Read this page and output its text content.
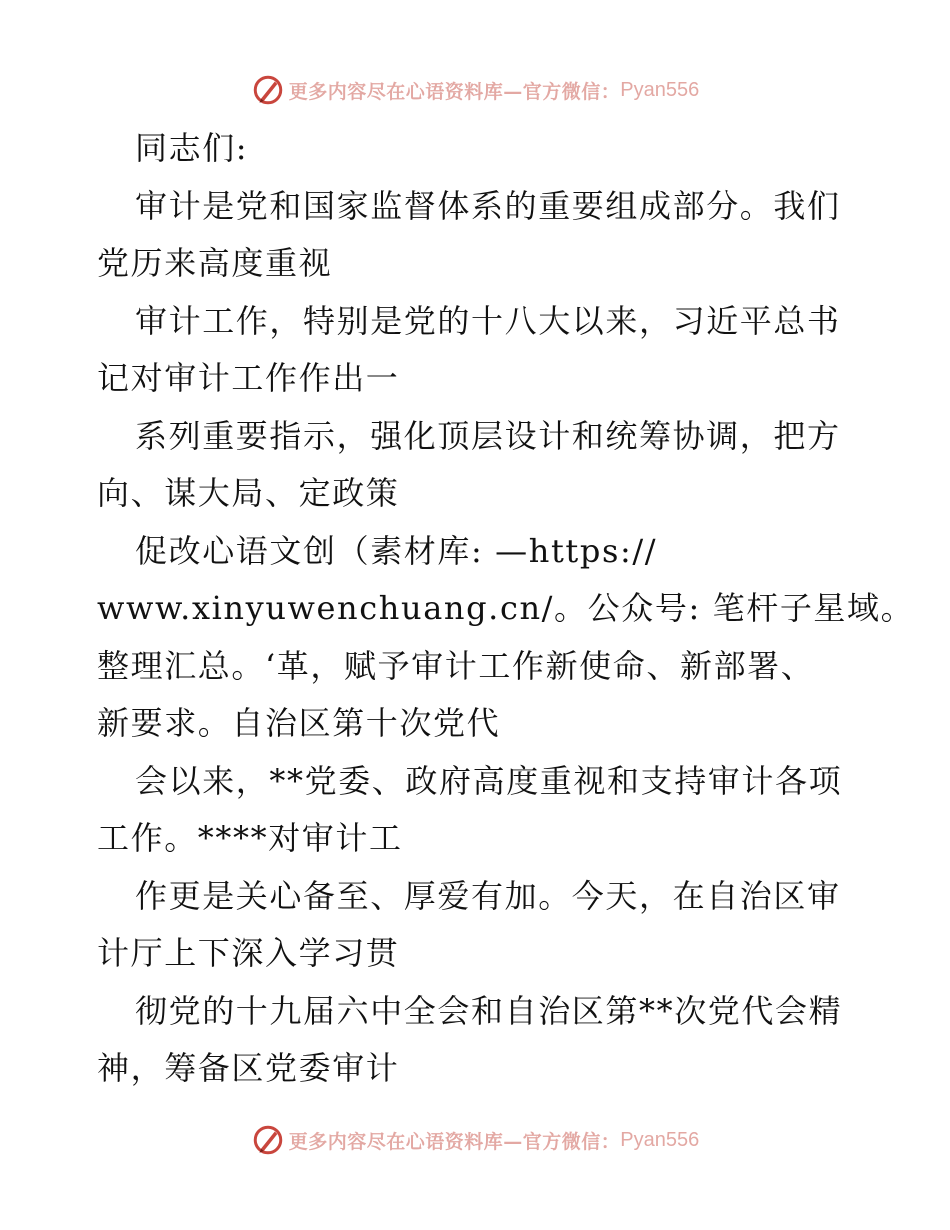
更多内容尽在心语资料库—官方微信： Pyan556
同志们:
审计是党和国家监督体系的重要组成部分。我们
党历来高度重视
审计工作，特别是党的十八大以来，习近平总书
记对审计工作作出一
系列重要指示，强化顶层设计和统筹协调，把方
向、谋大局、定政策
促改心语文创（素材库: —https://
www.xinyuwenchuang.cn/。公众号: 笔杆子星域。
整理汇总。‘革，赋予审计工作新使命、新部署、
新要求。自治区第十次党代
会以来，**党委、政府高度重视和支持审计各项
工作。****对审计工
作更是关心备至、厚爱有加。今天，在自治区审
计厅上下深入学习贯
彻党的十九届六中全会和自治区第**次党代会精
神，筹备区党委审计
更多内容尽在心语资料库—官方微信： Pyan556
